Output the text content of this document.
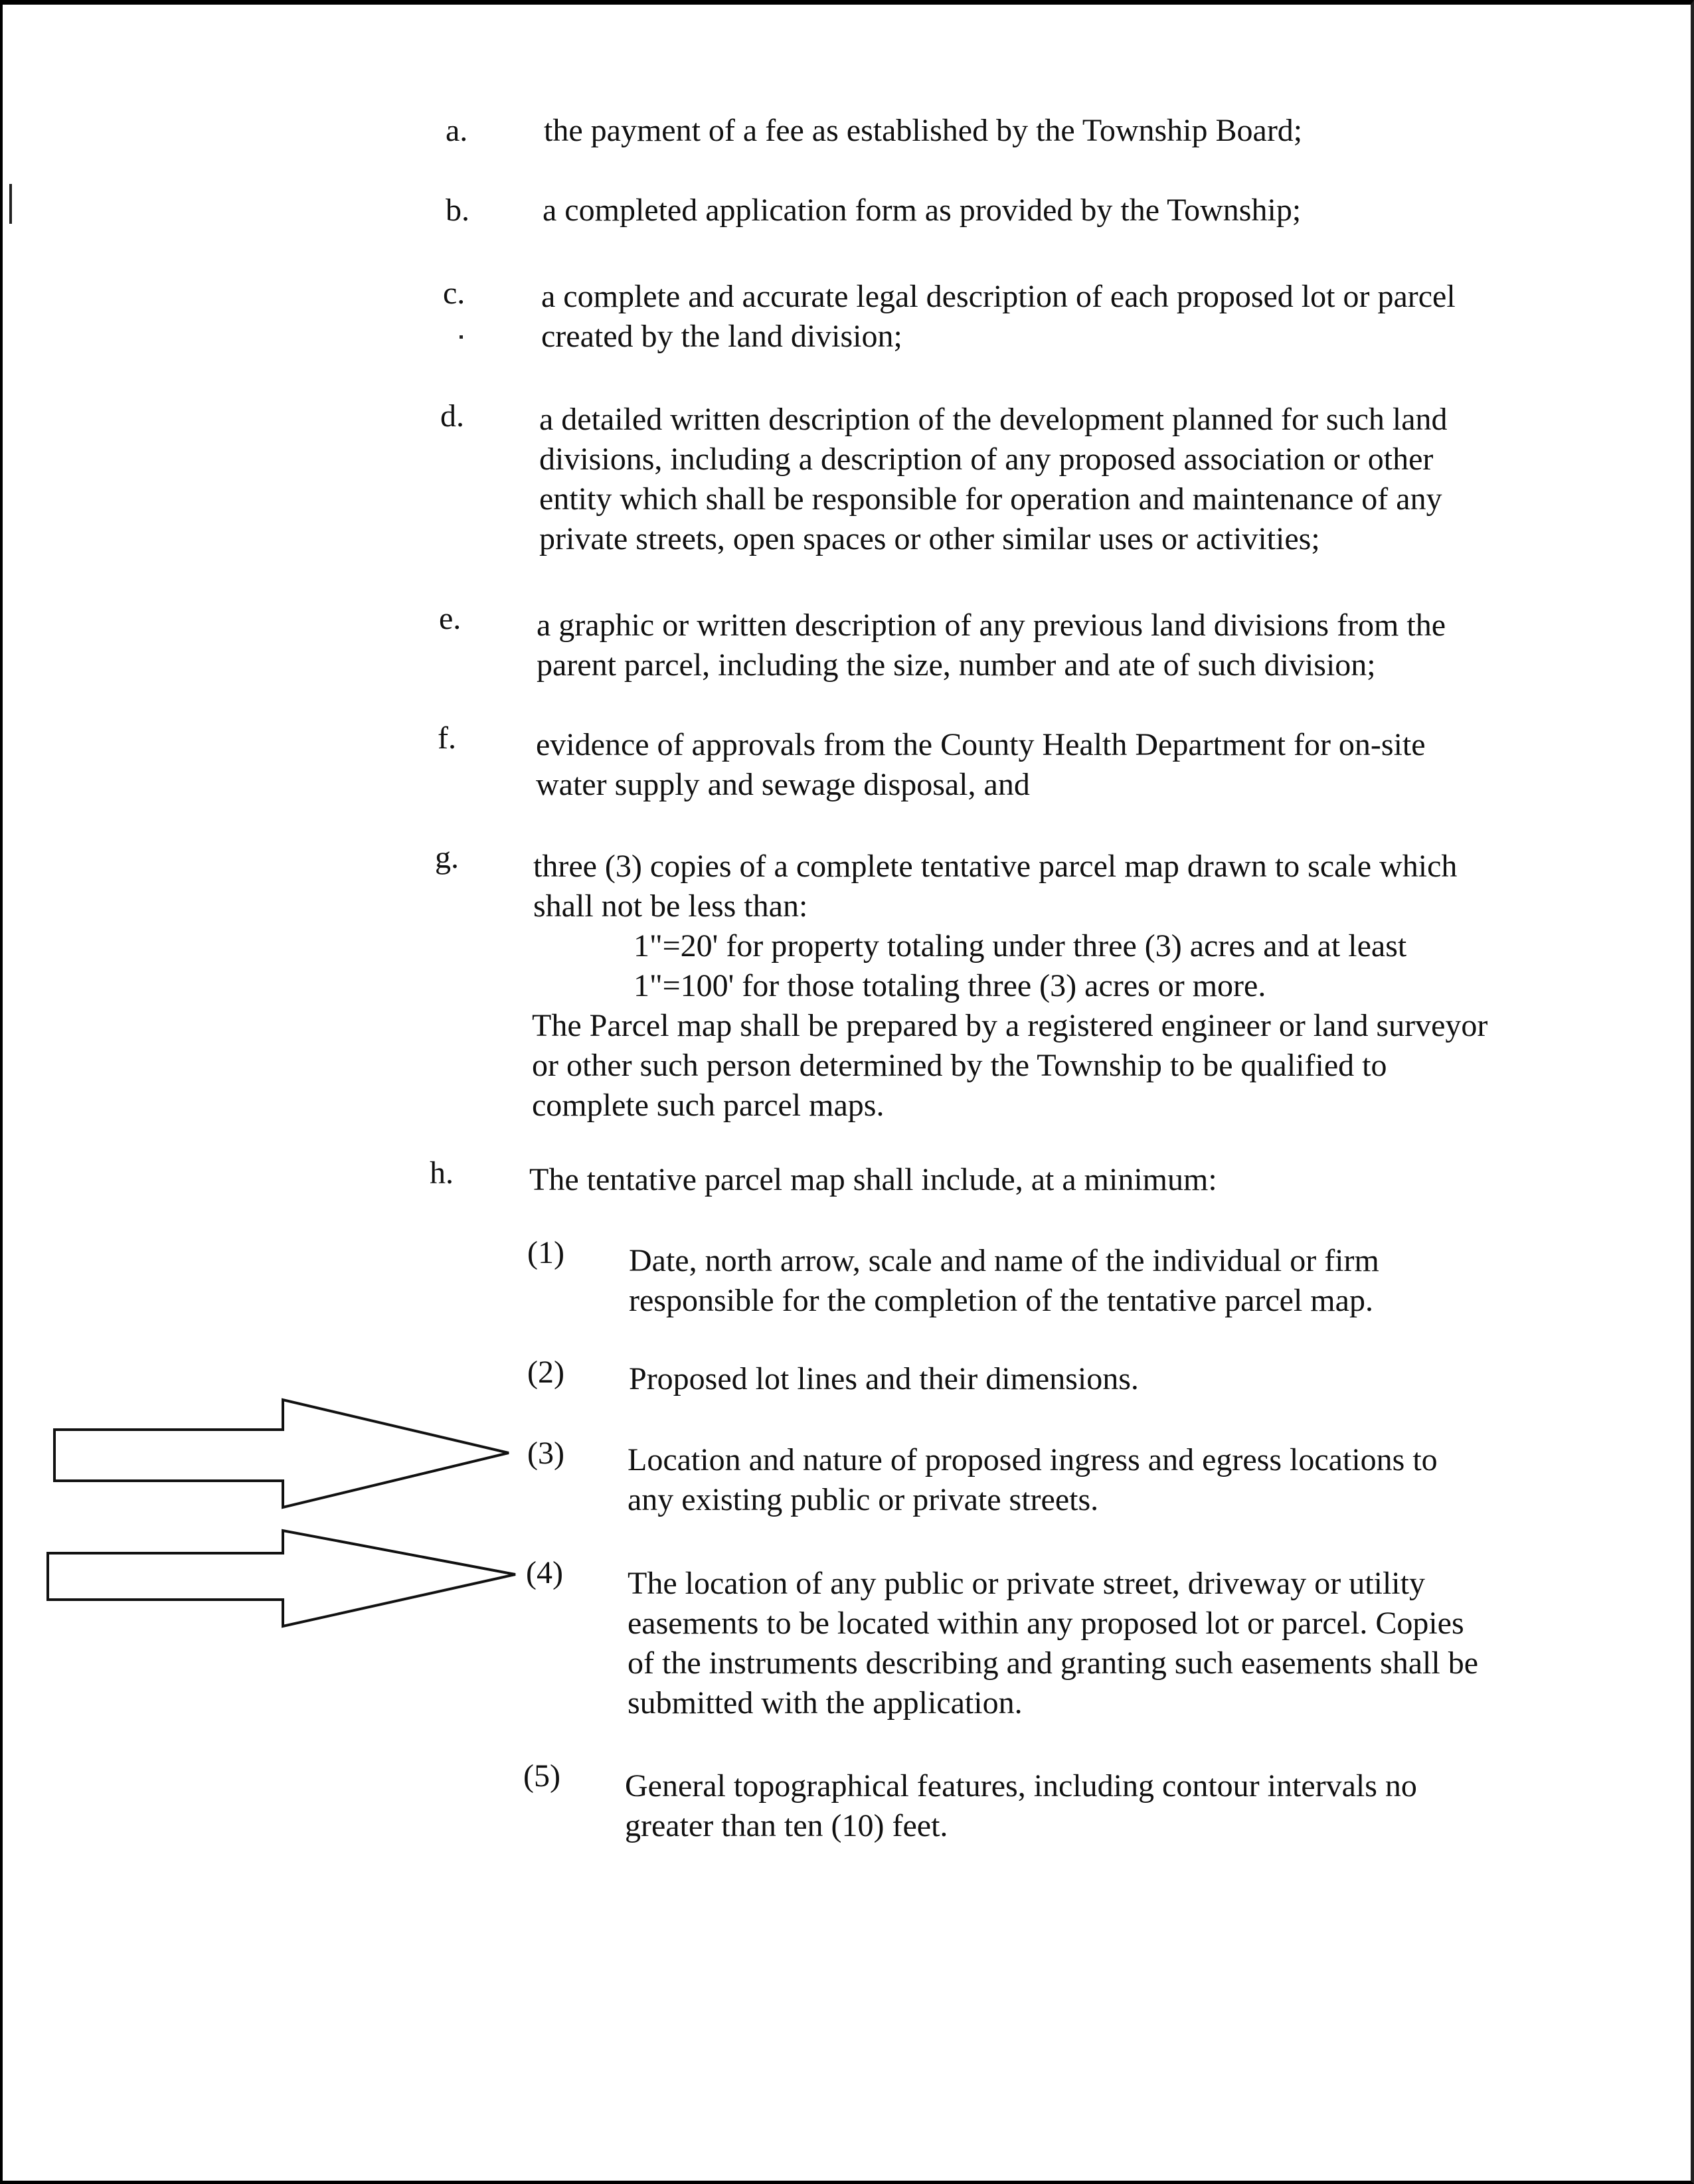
a. the payment of a fee as established by the Township Board;
b. a completed application form as provided by the Township;
c. a complete and accurate legal description of each proposed lot or parcel
created by the land division;
d. a detailed written description of the development planned for such land
divisions, including a description of any proposed association or other
entity which shall be responsible for operation and maintenance of any
private streets, open spaces or other similar uses or activities;
e. a graphic or written description of any previous land divisions from the
parent parcel, including the size, number and ate of such division;
f.	evidence of approvals from the County Health Department for on-site
water supply and sewage disposal, and
g. three (3) copies of a complete tentative parcel map drawn to scale which
shall not be less than:
1"=20' for property totaling under three (3) acres and at least
1"=100' for those totaling three (3) acres or more.
The Parcel map shall be prepared by a registered engineer or land surveyor
or other such person determined by the Township to be qualified to
complete such parcel maps.
h. The tentative parcel map shall include, at a minimum:
(1) Date, north arrow, scale and name of the individual or firm
responsible for the completion of the tentative parcel map.
(2) Proposed lot lines and their dimensions.
(3) Location and nature of proposed ingress and egress locations to
any existing public or private streets.
(4) The location of any public or private street, driveway or utility
easements to be located within any proposed lot or parcel. Copies
of the instruments describing and granting such easements shall be
submitted with the application.
(5) General topographical features, including contour intervals no
greater than ten (10) feet.
